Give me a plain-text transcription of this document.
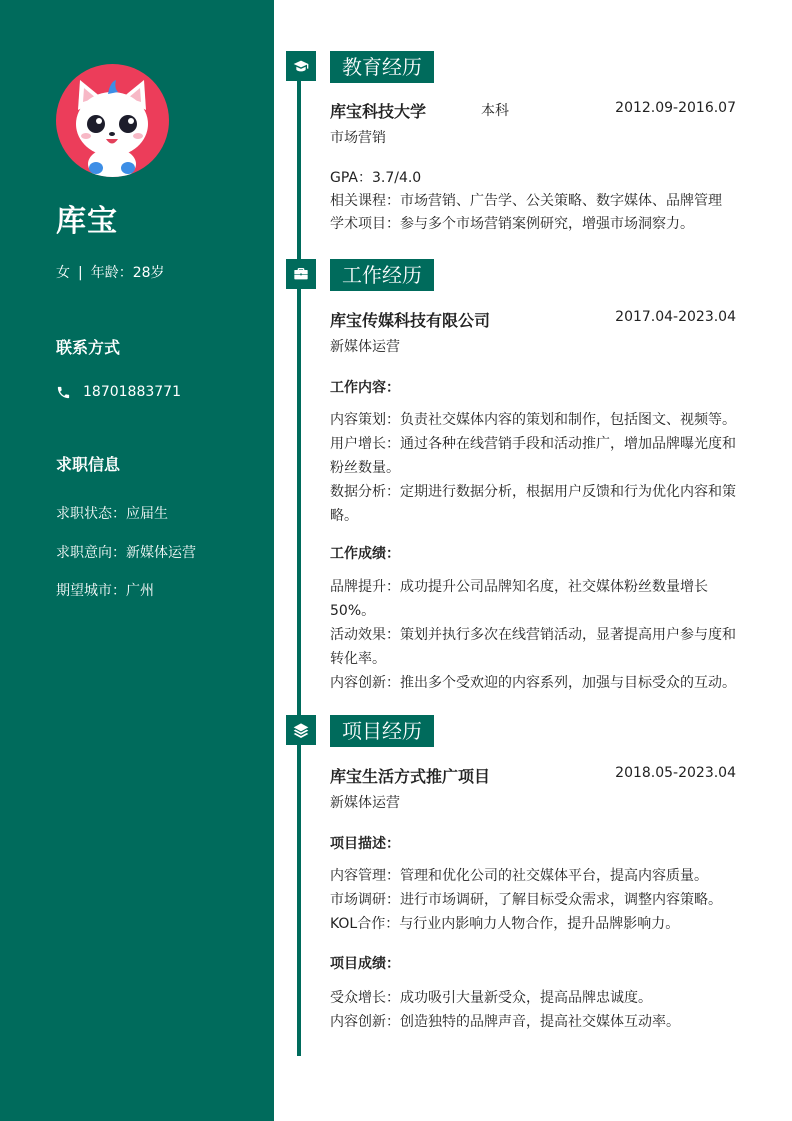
库宝
女 | 年龄：28岁
联系方式
18701883771
求职信息
求职状态：应届生
求职意向：新媒体运营
期望城市：广州
教育经历
库宝科技大学	本科	2012.09-2016.07
市场营销
GPA：3.7/4.0
相关课程：市场营销、广告学、公关策略、数字媒体、品牌管理
学术项目：参与多个市场营销案例研究，增强市场洞察力。
工作经历
库宝传媒科技有限公司	2017.04-2023.04
新媒体运营
工作内容：
内容策划：负责社交媒体内容的策划和制作，包括图文、视频等。
用户增长：通过各种在线营销手段和活动推广，增加品牌曝光度和粉丝数量。
数据分析：定期进行数据分析，根据用户反馈和行为优化内容和策略。
工作成绩：
品牌提升：成功提升公司品牌知名度，社交媒体粉丝数量增长50%。
活动效果：策划并执行多次在线营销活动，显著提高用户参与度和转化率。
内容创新：推出多个受欢迎的内容系列，加强与目标受众的互动。
项目经历
库宝生活方式推广项目	2018.05-2023.04
新媒体运营
项目描述：
内容管理：管理和优化公司的社交媒体平台，提高内容质量。
市场调研：进行市场调研，了解目标受众需求，调整内容策略。
KOL合作：与行业内影响力人物合作，提升品牌影响力。
项目成绩：
受众增长：成功吸引大量新受众，提高品牌忠诚度。
内容创新：创造独特的品牌声音，提高社交媒体互动率。
